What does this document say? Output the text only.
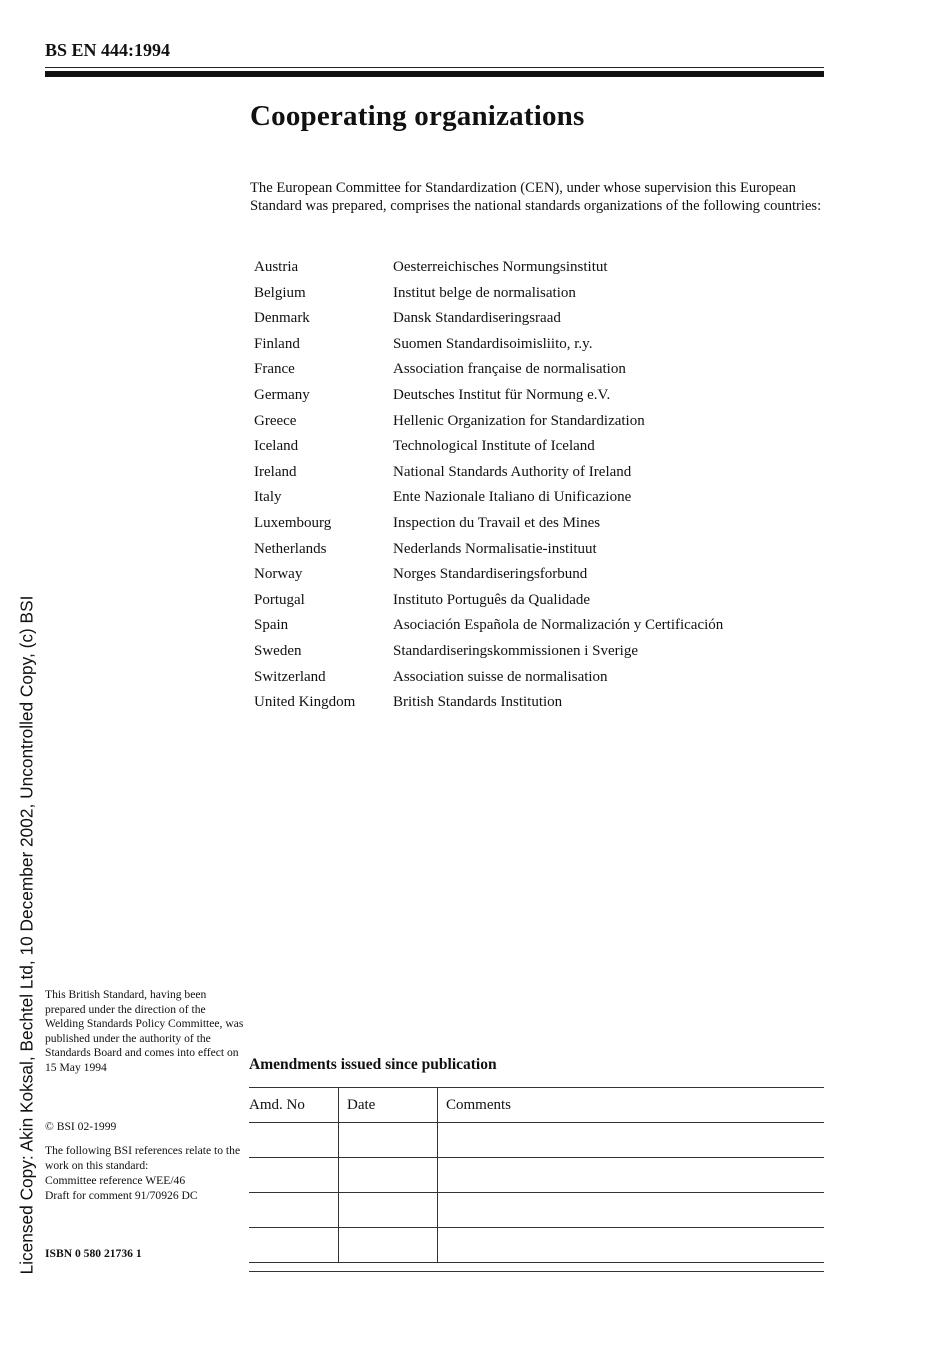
BS EN 444:1994
Cooperating organizations

The European Committee for Standardization (CEN), under whose supervision this European Standard was prepared, comprises the national standards organizations of the following countries:

Austria	Oesterreichisches Normungsinstitut
Belgium	Institut belge de normalisation
Denmark	Dansk Standardiseringsraad
Finland	Suomen Standardisoimisliito, r.y.
France	Association française de normalisation
Germany	Deutsches Institut für Normung e.V.
Greece	Hellenic Organization for Standardization
Iceland	Technological Institute of Iceland
Ireland	National Standards Authority of Ireland
Italy	Ente Nazionale Italiano di Unificazione
Luxembourg	Inspection du Travail et des Mines
Netherlands	Nederlands Normalisatie-instituut
Norway	Norges Standardiseringsforbund
Portugal	Instituto Português da Qualidade
Spain	Asociación Española de Normalización y Certificación
Sweden	Standardiseringskommissionen i Sverige
Switzerland	Association suisse de normalisation
United Kingdom	British Standards Institution
Licensed Copy: Akin Koksal, Bechtel Ltd, 10 December 2002, Uncontrolled Copy, (c) BSI This British Standard, having been prepared under the direction of the Welding Standards Policy Committee, was published under the authority of the Standards Board and comes into effect on 15 May 1994

© BSI 02-1999
The following BSI references relate to the work on this standard:
Committee reference WEE/46
Draft for comment 91/70926 DC
ISBN 0 580 21736 1
Amendments issued since publication
Amd. No	Date	Comments
